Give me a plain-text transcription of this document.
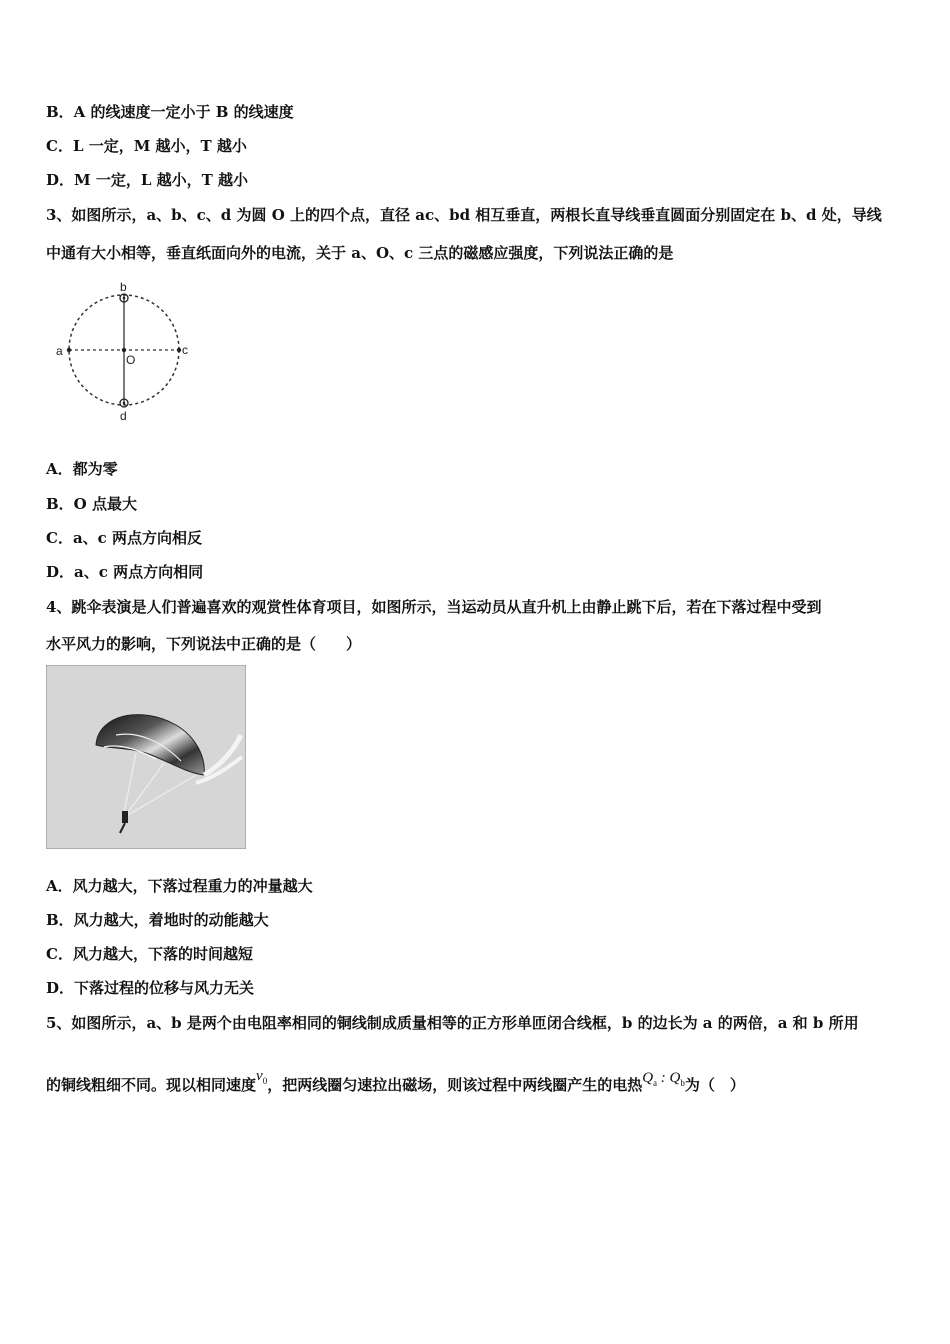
B．A 的线速度一定小于 B 的线速度
C．L 一定，M 越小，T 越小
D．M 一定，L 越小，T 越小
3、如图所示，a、b、c、d 为圆 O 上的四个点，直径 ac、bd 相互垂直，两根长直导线垂直圆面分别固定在 b、d 处，导线
中通有大小相等，垂直纸面向外的电流，关于 a、O、c 三点的磁感应强度，下列说法正确的是
a
b
c
d
O
A．都为零
B．O 点最大
C．a、c 两点方向相反
D．a、c 两点方向相同
4、跳伞表演是人们普遍喜欢的观赏性体育项目，如图所示，当运动员从直升机上由静止跳下后，若在下落过程中受到
水平风力的影响，下列说法中正确的是（　　）
A．风力越大，下落过程重力的冲量越大
B．风力越大，着地时的动能越大
C．风力越大，下落的时间越短
D．下落过程的位移与风力无关
5、如图所示，a、b 是两个由电阻率相同的铜线制成质量相等的正方形单匝闭合线框，b 的边长为 a 的两倍，a 和 b 所用
的铜线粗细不同。现以相同速度$v_0$，把两线圈匀速拉出磁场，则该过程中两线圈产生的电热$Q_a$ : $Q_b$为（　）
